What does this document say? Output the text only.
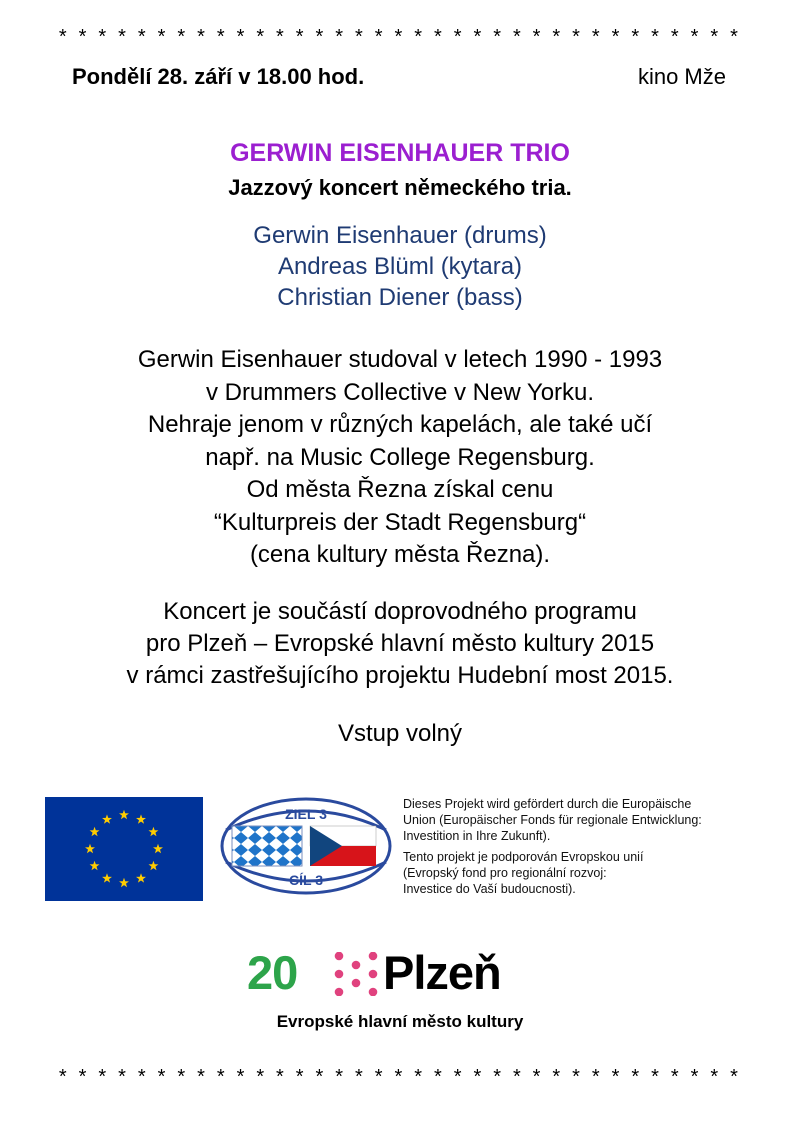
* * * * * * * * * * * * * * * * * * * * * * * * * * * * * * * * * * *
Pondělí 28. září v 18.00 hod.	kino Mže
GERWIN EISENHAUER TRIO
Jazzový koncert německého tria.
Gerwin Eisenhauer (drums)
Andreas Blüml (kytara)
Christian Diener (bass)
Gerwin Eisenhauer studoval v letech 1990 - 1993
v Drummers Collective v New Yorku.
Nehraje jenom v různých kapelách, ale také učí
např. na Music College Regensburg.
Od města Řezna získal cenu
“Kulturpreis der Stadt Regensburg“
(cena kultury města Řezna).
Koncert je součástí doprovodného programu
pro Plzeň – Evropské hlavní město kultury 2015
v rámci zastřešujícího projektu Hudební most 2015.
Vstup volný
ZIEL 3
CÍL 3
Dieses Projekt wird gefördert durch die Europäische
Union (Europäischer Fonds für regionale Entwicklung:
Investition in Ihre Zukunft).
Tento projekt je podporován Evropskou unií
(Evropský fond pro regionální rozvoj:
Investice do Vaší budoucnosti).
20 Plzeň
Evropské hlavní město kultury
* * * * * * * * * * * * * * * * * * * * * * * * * * * * * * * * * * *
